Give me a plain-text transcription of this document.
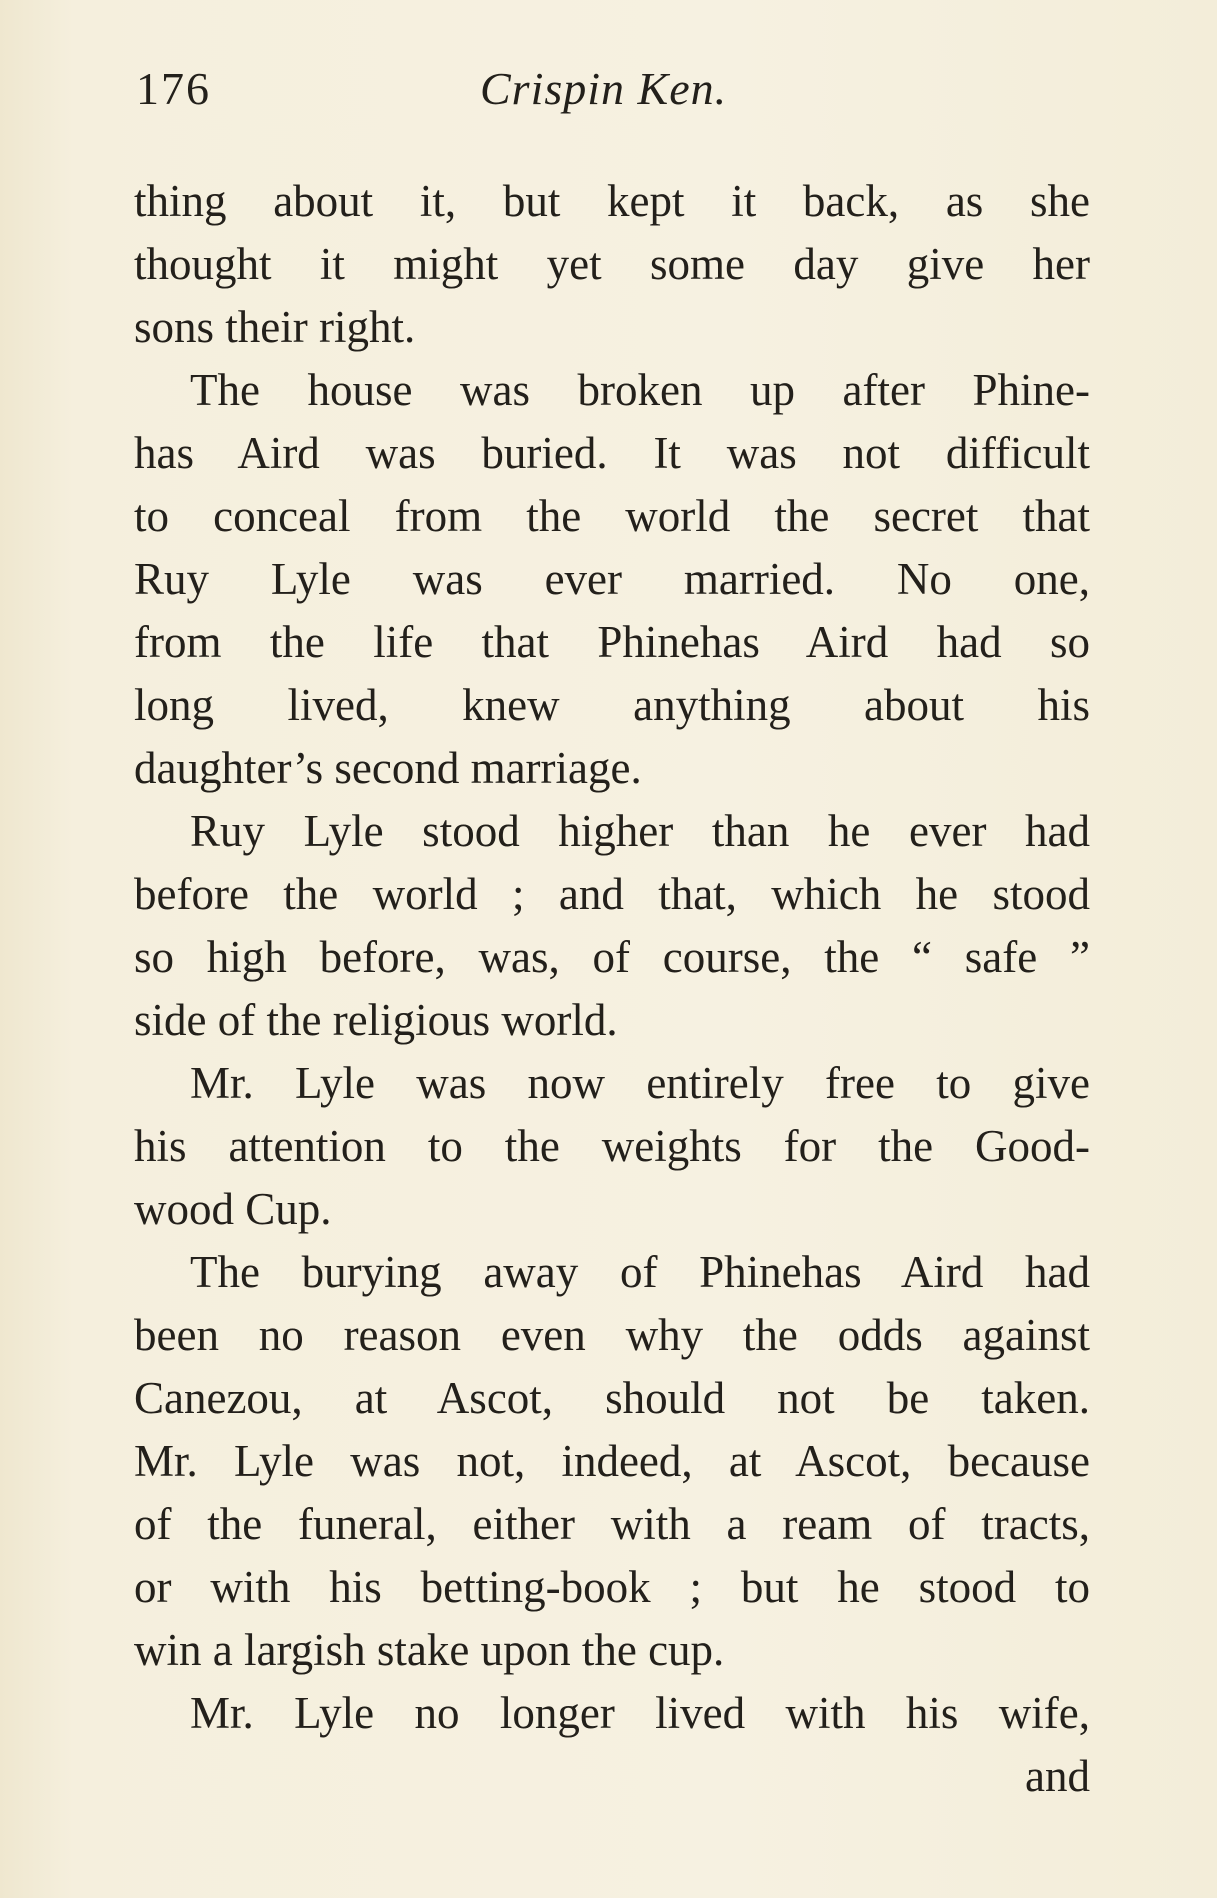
176	Crispin Ken.
thing about it, but kept it back, as she
thought it might yet some day give her
sons their right.
The house was broken up after Phine-
has Aird was buried. It was not difficult
to conceal from the world the secret that
Ruy Lyle was ever married. No one,
from the life that Phinehas Aird had so
long lived, knew anything about his
daughter’s second marriage.
Ruy Lyle stood higher than he ever had
before the world ; and that, which he stood
so high before, was, of course, the “ safe ”
side of the religious world.
Mr. Lyle was now entirely free to give
his attention to the weights for the Good-
wood Cup.
The burying away of Phinehas Aird had
been no reason even why the odds against
Canezou, at Ascot, should not be taken.
Mr. Lyle was not, indeed, at Ascot, because
of the funeral, either with a ream of tracts,
or with his betting-book ; but he stood to
win a largish stake upon the cup.
Mr. Lyle no longer lived with his wife,
and
